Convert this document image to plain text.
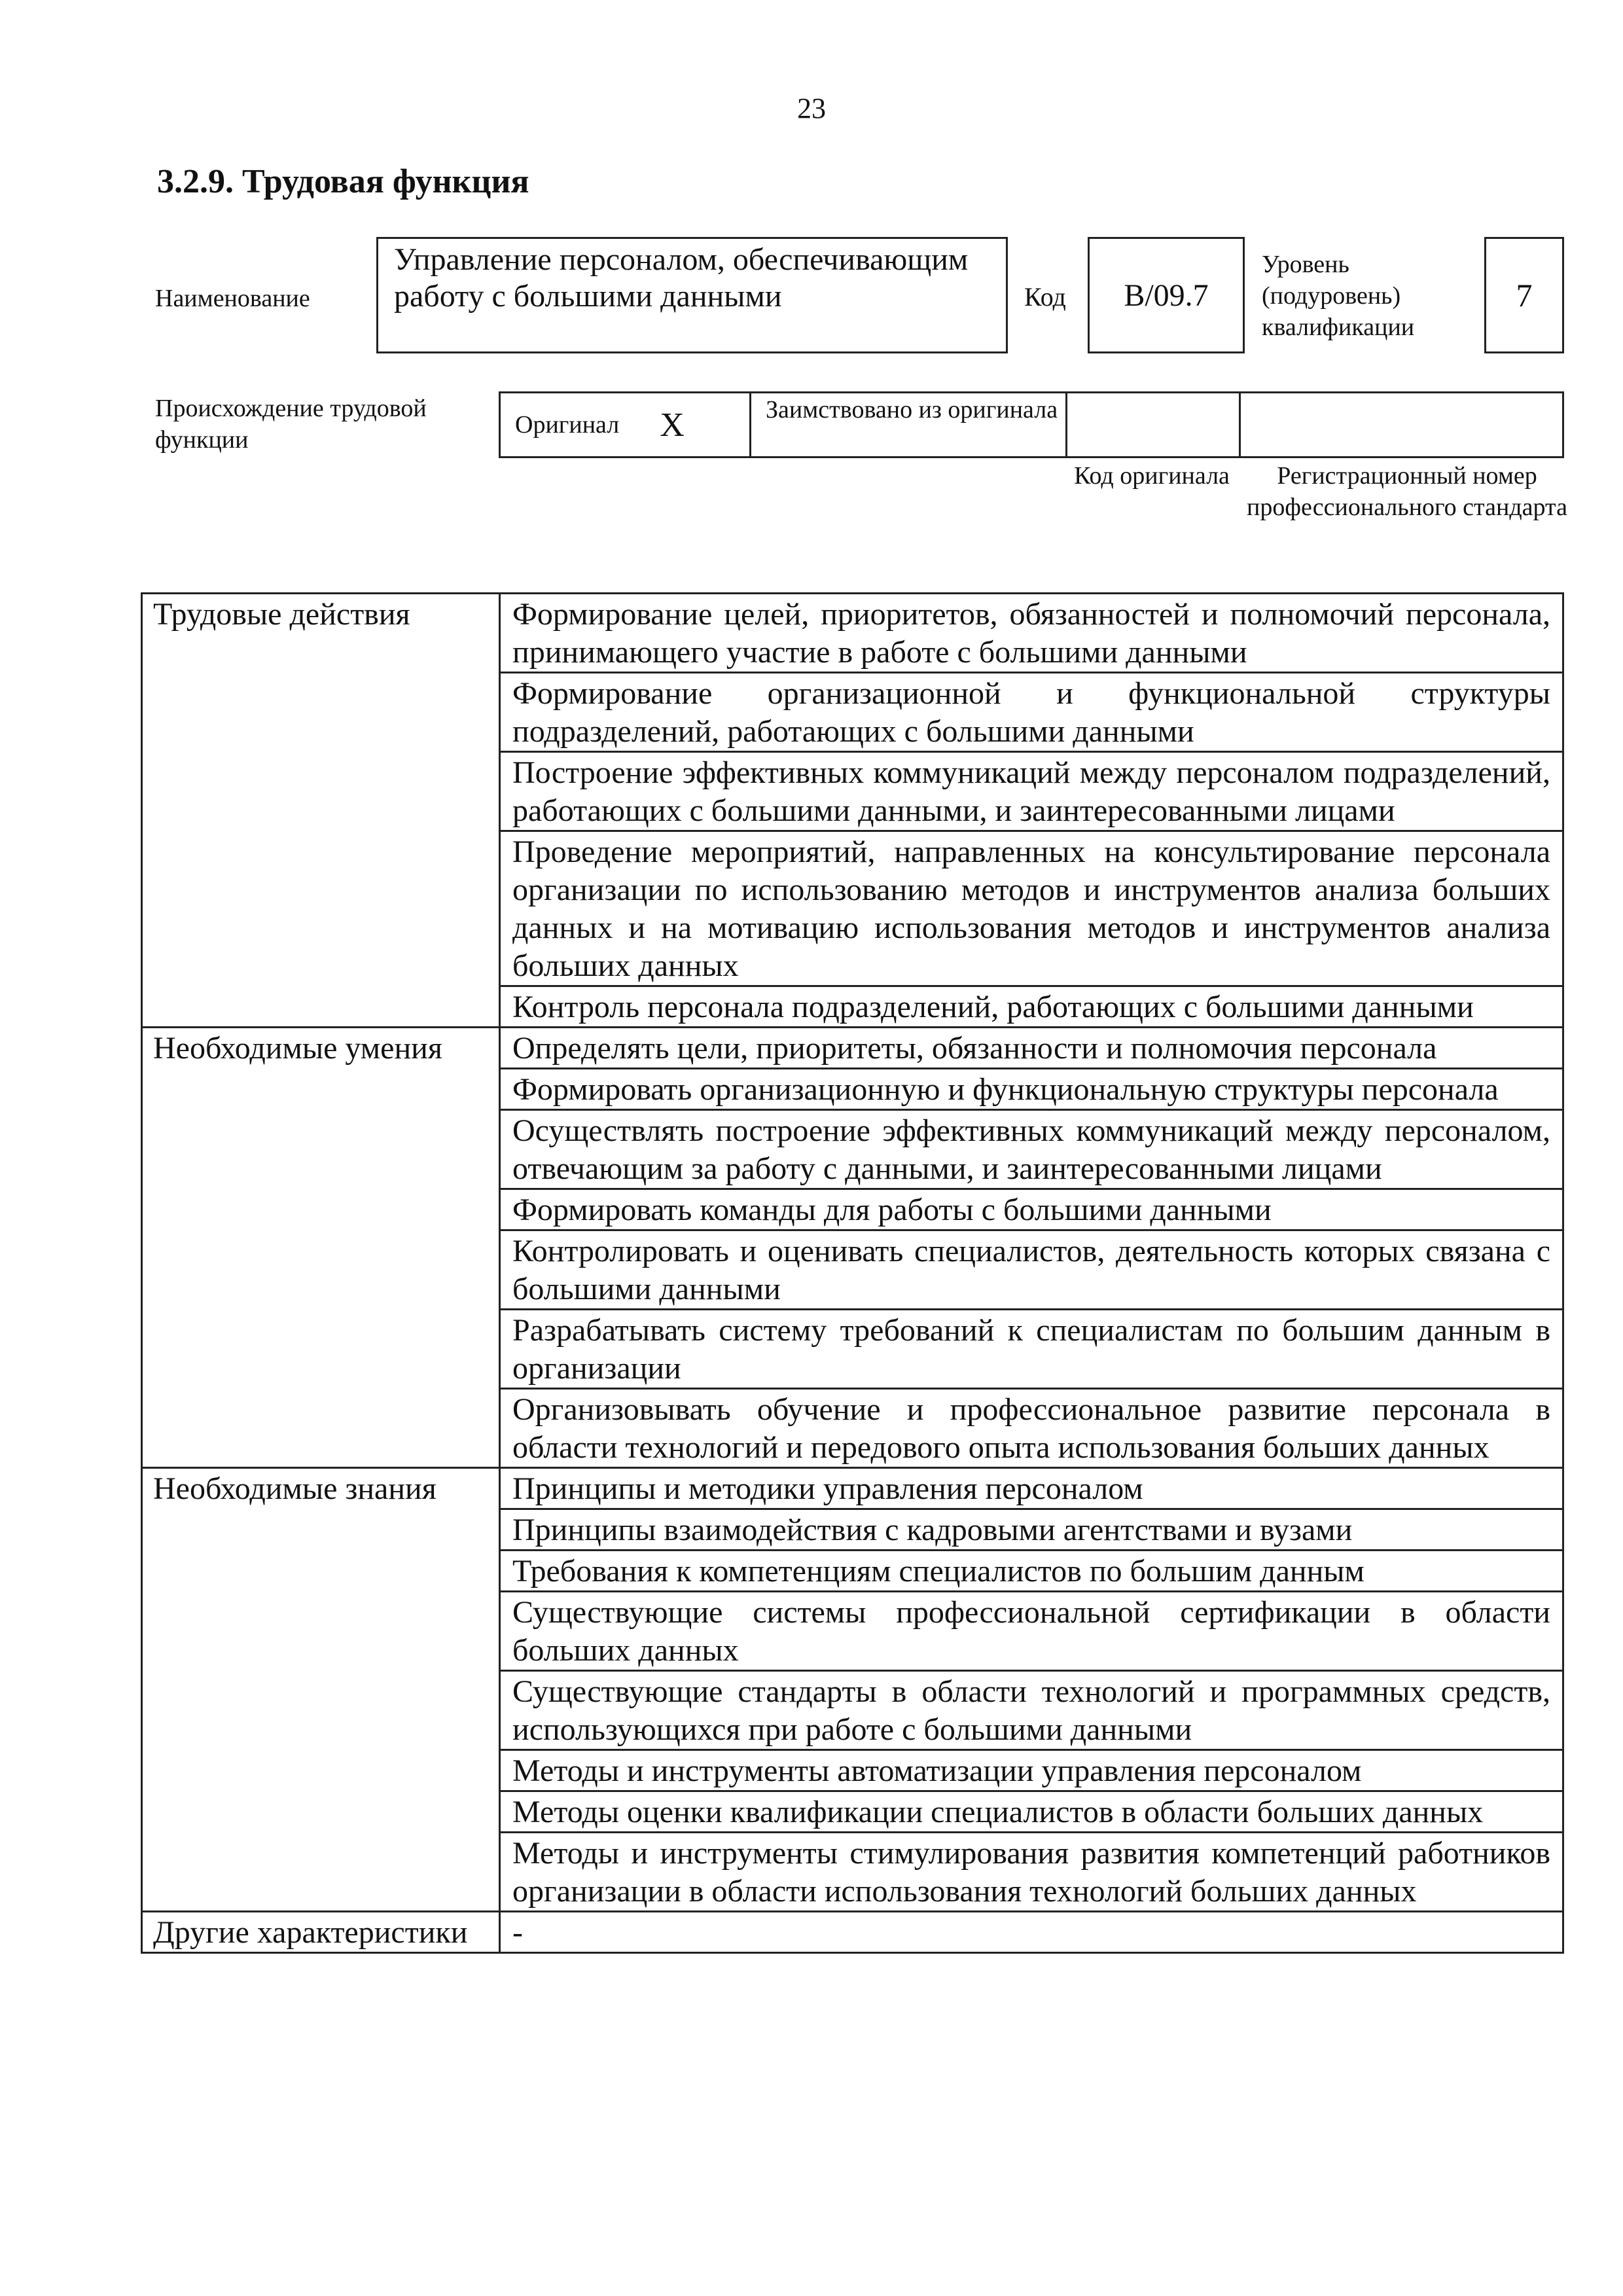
23
3.2.9. Трудовая функция
Наименование
Управление персоналом, обеспечивающим работу с большими данными	Код B/09.7
Уровень (подуровень) квалификации
7
Происхождение трудовой функции
Оригинал X	Заимствовано из оригинала
Код оригинала	Регистрационный номер профессионального стандарта
Трудовые действия	Формирование целей, приоритетов, обязанностей и полномочий персонала, принимающего участие в работе с большими данными
	Формирование организационной и функциональной структуры подразделений, работающих с большими данными
	Построение эффективных коммуникаций между персоналом подразделений, работающих с большими данными, и заинтересованными лицами
	Проведение мероприятий, направленных на консультирование персонала организации по использованию методов и инструментов анализа больших данных и на мотивацию использования методов и инструментов анализа больших данных
	Контроль персонала подразделений, работающих с большими данными
Необходимые умения	Определять цели, приоритеты, обязанности и полномочия персонала
	Формировать организационную и функциональную структуры персонала
	Осуществлять построение эффективных коммуникаций между персоналом, отвечающим за работу с данными, и заинтересованными лицами
	Формировать команды для работы с большими данными
	Контролировать и оценивать специалистов, деятельность которых связана с большими данными
	Разрабатывать систему требований к специалистам по большим данным в организации
	Организовывать обучение и профессиональное развитие персонала в области технологий и передового опыта использования больших данных
Необходимые знания	Принципы и методики управления персоналом
	Принципы взаимодействия с кадровыми агентствами и вузами
	Требования к компетенциям специалистов по большим данным
	Существующие системы профессиональной сертификации в области больших данных
	Существующие стандарты в области технологий и программных средств, использующихся при работе с большими данными
	Методы и инструменты автоматизации управления персоналом
	Методы оценки квалификации специалистов в области больших данных
	Методы и инструменты стимулирования развития компетенций работников организации в области использования технологий больших данных
Другие характеристики	-
